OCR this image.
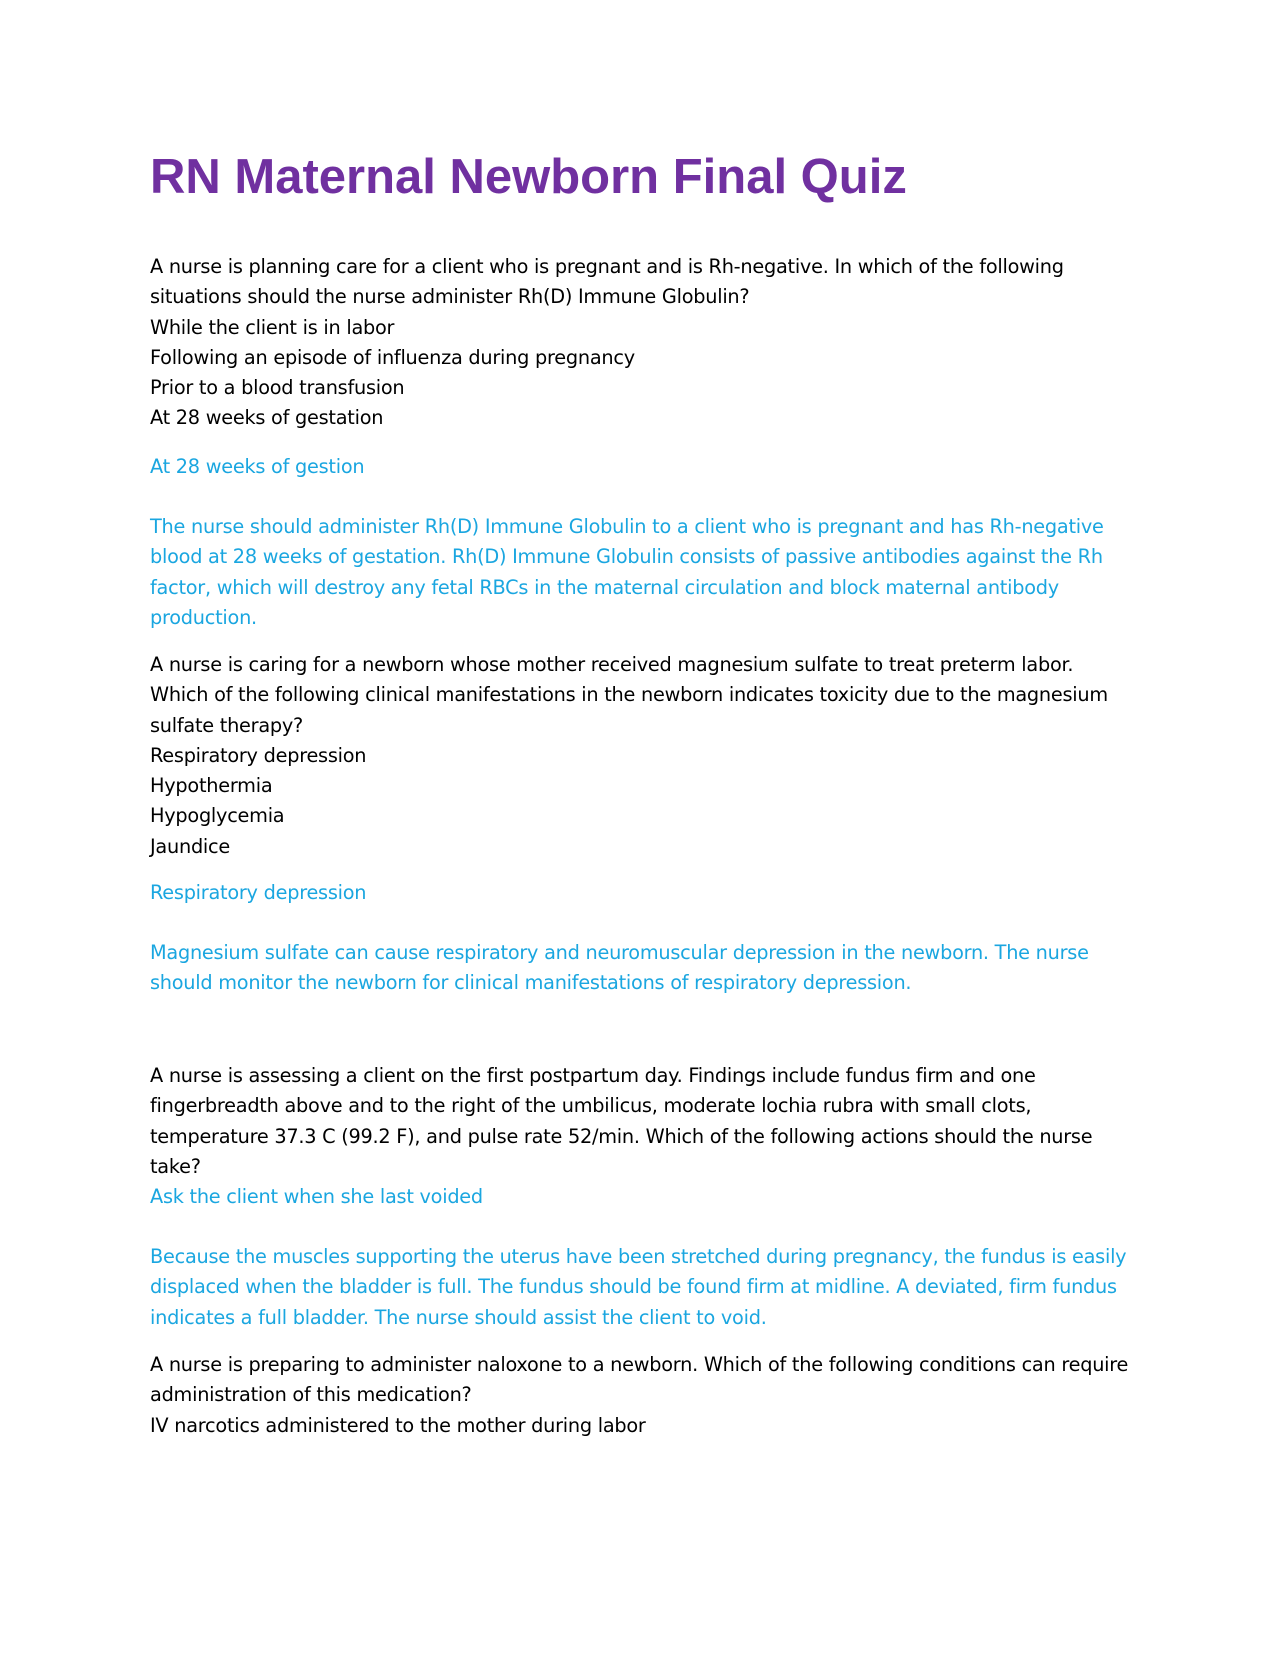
RN Maternal Newborn Final Quiz
A nurse is planning care for a client who is pregnant and is Rh-negative. In which of the following
situations should the nurse administer Rh(D) Immune Globulin?
While the client is in labor
Following an episode of influenza during pregnancy
Prior to a blood transfusion
At 28 weeks of gestation
At 28 weeks of gestion
The nurse should administer Rh(D) Immune Globulin to a client who is pregnant and has Rh-negative
blood at 28 weeks of gestation. Rh(D) Immune Globulin consists of passive antibodies against the Rh
factor, which will destroy any fetal RBCs in the maternal circulation and block maternal antibody
production.
A nurse is caring for a newborn whose mother received magnesium sulfate to treat preterm labor.
Which of the following clinical manifestations in the newborn indicates toxicity due to the magnesium
sulfate therapy?
Respiratory depression
Hypothermia
Hypoglycemia
Jaundice
Respiratory depression
Magnesium sulfate can cause respiratory and neuromuscular depression in the newborn. The nurse
should monitor the newborn for clinical manifestations of respiratory depression.
A nurse is assessing a client on the first postpartum day. Findings include fundus firm and one
fingerbreadth above and to the right of the umbilicus, moderate lochia rubra with small clots,
temperature 37.3 C (99.2 F), and pulse rate 52/min. Which of the following actions should the nurse
take?
Ask the client when she last voided
Because the muscles supporting the uterus have been stretched during pregnancy, the fundus is easily
displaced when the bladder is full. The fundus should be found firm at midline. A deviated, firm fundus
indicates a full bladder. The nurse should assist the client to void.
A nurse is preparing to administer naloxone to a newborn. Which of the following conditions can require
administration of this medication?
IV narcotics administered to the mother during labor
